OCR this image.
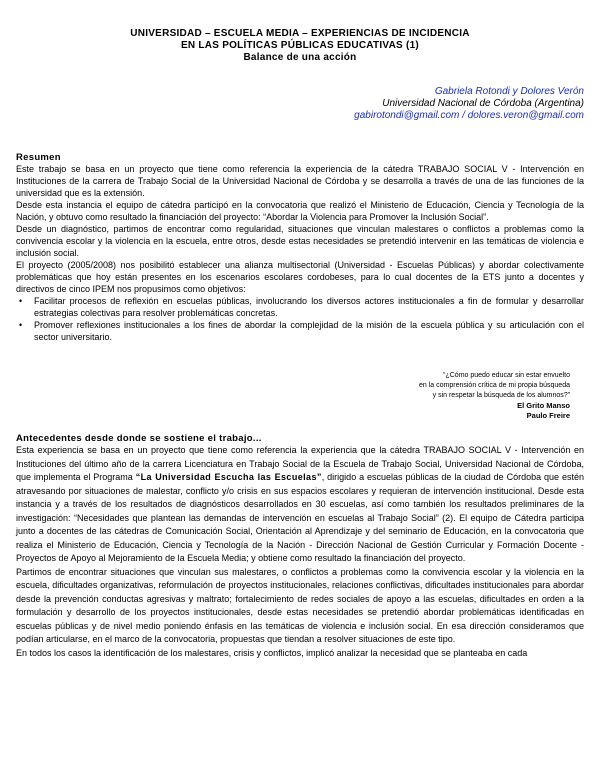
UNIVERSIDAD – ESCUELA MEDIA – EXPERIENCIAS DE INCIDENCIA

EN LAS POLÍTICAS PÚBLICAS EDUCATIVAS (1)

Balance de una acción

Gabriela Rotondi y Dolores Verón
Universidad Nacional de Córdoba (Argentina)
gabirotondi@gmail.com / dolores.veron@gmail.com

Resumen

Este trabajo se basa en un proyecto que tiene como referencia la experiencia de la cátedra TRABAJO SOCIAL V - Intervención en Instituciones de la carrera de Trabajo Social de la Universidad Nacional de Córdoba y se desarrolla a través de una de las funciones de la universidad que es la extensión.

Desde esta instancia el equipo de cátedra participó en la convocatoria que realizó el Ministerio de Educación, Ciencia y Tecnología de la Nación, y obtuvo como resultado la financiación del proyecto: “Abordar la Violencia para Promover la Inclusión Social”.

Desde un diagnóstico, partimos de encontrar como regularidad, situaciones que vinculan malestares o conflictos a problemas como la convivencia escolar y la violencia en la escuela, entre otros, desde estas necesidades se pretendió intervenir en las temáticas de violencia e inclusión social.

El proyecto (2005/2008) nos posibilitó establecer una alianza multisectorial (Universidad - Escuelas Públicas) y abordar colectivamente problemáticas que hoy están presentes en los escenarios escolares cordobeses, para lo cual docentes de la ETS junto a docentes y directivos de cinco IPEM nos propusimos como objetivos:

• Facilitar procesos de reflexión en escuelas públicas, involucrando los diversos actores institucionales a fin de formular y desarrollar estrategias colectivas para resolver problemáticas concretas.
• Promover reflexiones institucionales a los fines de abordar la complejidad de la misión de la escuela pública y su articulación con el sector universitario.
“¿Cómo puedo educar sin estar envuelto
en la comprensión crítica de mi propia búsqueda
y sin respetar la búsqueda de los alumnos?”
El Grito Manso
Paulo Freire

Antecedentes desde donde se sostiene el trabajo...

Esta experiencia se basa en un proyecto que tiene como referencia la experiencia que la cátedra TRABAJO SOCIAL V - Intervención en Instituciones del último año de la carrera Licenciatura en Trabajo Social de la Escuela de Trabajo Social, Universidad Nacional de Córdoba, que implementa el Programa “La Universidad Escucha las Escuelas”, dirigido a escuelas públicas de la ciudad de Córdoba que estén atravesando por situaciones de malestar, conflicto y/o crisis en sus espacios escolares y requieran de intervención institucional. Desde esta instancia y a través de los resultados de diagnósticos desarrollados en 30 escuelas, así como también los resultados preliminares de la investigación: “Necesidades que plantean las demandas de intervención en escuelas al Trabajo Social” (2). El equipo de Cátedra participa junto a docentes de las cátedras de Comunicación Social, Orientación al Aprendizaje y del seminario de Educación, en la convocatoria que realiza el Ministerio de Educación, Ciencia y Tecnología de la Nación - Dirección Nacional de Gestión Curricular y Formación Docente - Proyectos de Apoyo al Mejoramiento de la Escuela Media; y obtiene como resultado la financiación del proyecto.

Partimos de encontrar situaciones que vinculan sus malestares, o conflictos a problemas como la convivencia escolar y la violencia en la escuela, dificultades organizativas, reformulación de proyectos institucionales, relaciones conflictivas, dificultades institucionales para abordar desde la prevención conductas agresivas y maltrato; fortalecimiento de redes sociales de apoyo a las escuelas, dificultades en orden a la formulación y desarrollo de los proyectos institucionales, desde estas necesidades se pretendió abordar problemáticas identificadas en escuelas públicas y de nivel medio poniendo énfasis en las temáticas de violencia e inclusión social. En esa dirección consideramos que podían articularse, en el marco de la convocatoria, propuestas que tiendan a resolver situaciones de este tipo.

En todos los casos la identificación de los malestares, crisis y conflictos, implicó analizar la necesidad que se planteaba en cada
